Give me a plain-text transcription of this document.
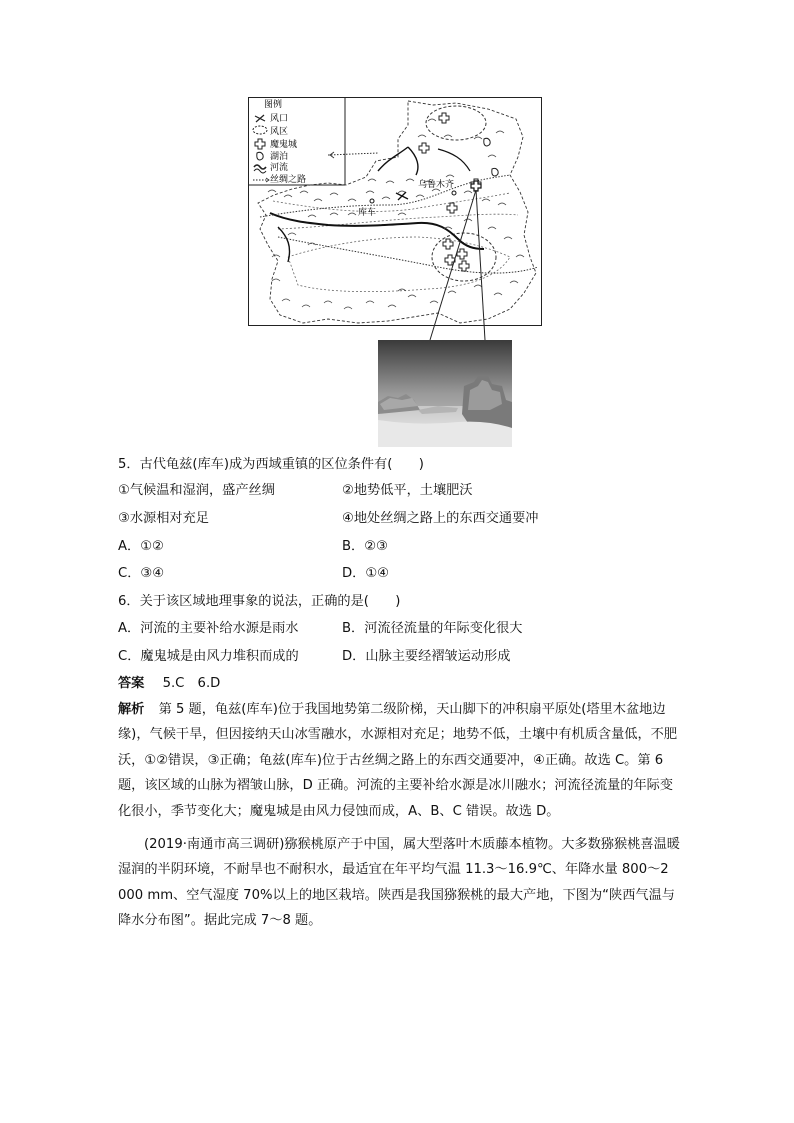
图例
风口
风区
魔鬼城
湖泊
河流
丝绸之路	乌鲁木齐
库车
5．古代龟兹(库车)成为西域重镇的区位条件有(　　)
①气候温和湿润，盛产丝绸	②地势低平，土壤肥沃
③水源相对充足	④地处丝绸之路上的东西交通要冲
A．①②	B．②③
C．③④	D．①④
6．关于该区域地理事象的说法，正确的是(　　)
A．河流的主要补给水源是雨水	B．河流径流量的年际变化很大
C．魔鬼城是由风力堆积而成的	D．山脉主要经褶皱运动形成
答案 5.C　6.D
解析 第 5 题，龟兹(库车)位于我国地势第二级阶梯，天山脚下的冲积扇平原处(塔里木盆地边缘)，气候干旱，但因接纳天山冰雪融水，水源相对充足；地势不低，土壤中有机质含量低，不肥沃，①②错误，③正确；龟兹(库车)位于古丝绸之路上的东西交通要冲，④正确。故选 C。第 6 题，该区域的山脉为褶皱山脉，D 正确。河流的主要补给水源是冰川融水；河流径流量的年际变化很小，季节变化大；魔鬼城是由风力侵蚀而成，A、B、C 错误。故选 D。
(2019·南通市高三调研)猕猴桃原产于中国，属大型落叶木质藤本植物。大多数猕猴桃喜温暖湿润的半阴环境，不耐旱也不耐积水，最适宜在年平均气温 11.3～16.9℃、年降水量 800～2 000 mm、空气湿度 70%以上的地区栽培。陕西是我国猕猴桃的最大产地，下图为“陕西气温与降水分布图”。据此完成 7～8 题。
